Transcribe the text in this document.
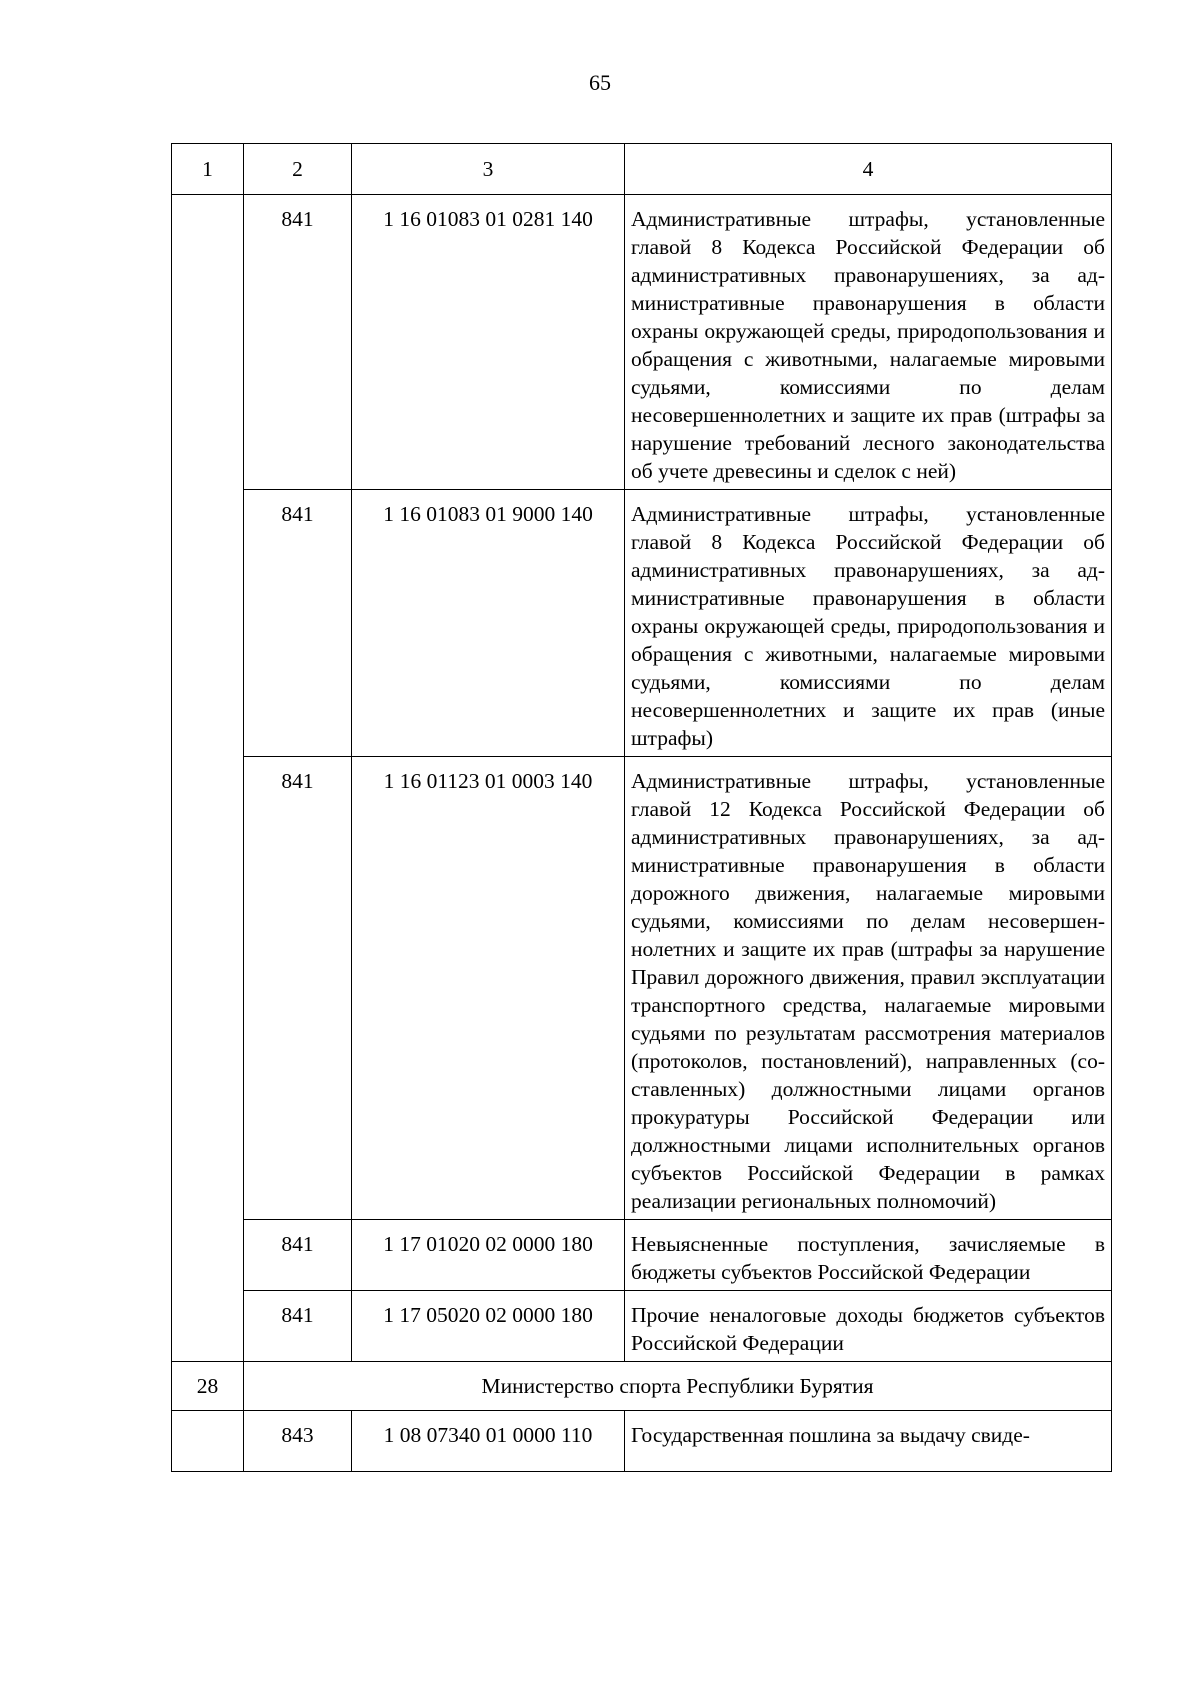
65
1	2	3	4
	841	1 16 01083 01 0281 140	Административные штрафы, установленные главой 8 Кодекса Российской Федерации об административных правонарушениях, за административные правонарушения в области охраны окружающей среды, природопользования и обращения с животными, налагаемые мировыми судьями, комиссиями по делам несовершеннолетних и защите их прав (штрафы за нарушение требований лесного законодательства об учете древесины и сделок с ней)
	841	1 16 01083 01 9000 140	Административные штрафы, установленные главой 8 Кодекса Российской Федерации об административных правонарушениях, за административные правонарушения в области охраны окружающей среды, природопользования и обращения с животными, налагаемые мировыми судьями, комиссиями по делам несовершеннолетних и защите их прав (иные штрафы)
	841	1 16 01123 01 0003 140	Административные штрафы, установленные главой 12 Кодекса Российской Федерации об административных правонарушениях, за административные правонарушения в области дорожного движения, налагаемые мировыми судьями, комиссиями по делам несовершеннолетних и защите их прав (штрафы за нарушение Правил дорожного движения, правил эксплуатации транспортного средства, налагаемые мировыми судьями по результатам рассмотрения материалов (протоколов, постановлений), направленных (составленных) должностными лицами органов прокуратуры Российской Федерации или должностными лицами исполнительных органов субъектов Российской Федерации в рамках реализации региональных полномочий)
	841	1 17 01020 02 0000 180	Невыясненные поступления, зачисляемые в бюджеты субъектов Российской Федерации
	841	1 17 05020 02 0000 180	Прочие неналоговые доходы бюджетов субъектов Российской Федерации
28	Министерство спорта Республики Бурятия		
	843	1 08 07340 01 0000 110	Государственная пошлина за выдачу свиде-
